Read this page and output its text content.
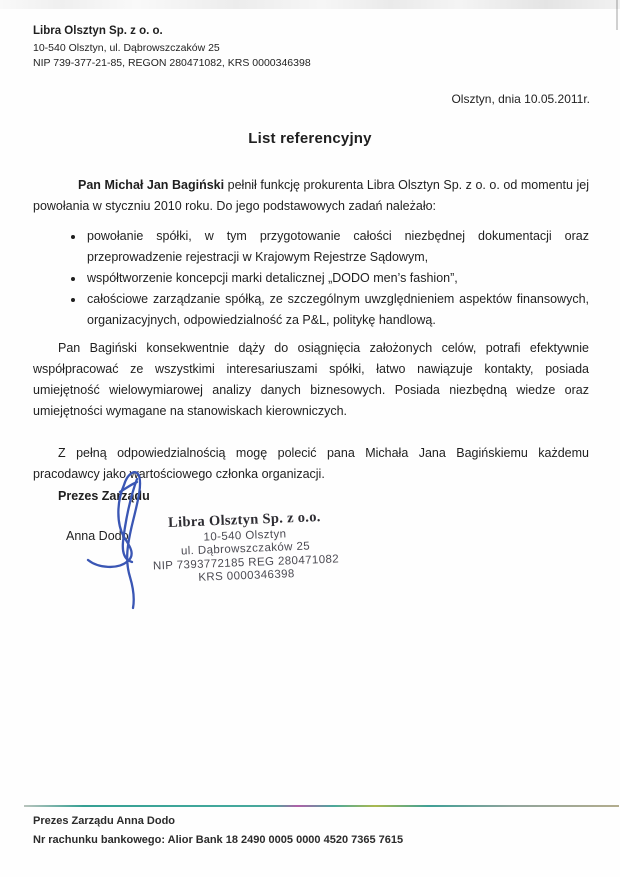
Libra Olsztyn Sp. z o. o.
10-540 Olsztyn, ul. Dąbrowszczaków 25
NIP 739-377-21-85, REGON 280471082, KRS 0000346398
Olsztyn, dnia 10.05.2011r.
List referencyjny

Pan Michał Jan Bagiński pełnił funkcję prokurenta Libra Olsztyn Sp. z o. o. od momentu jej powołania w styczniu 2010 roku. Do jego podstawowych zadań należało:

• powołanie spółki, w tym przygotowanie całości niezbędnej dokumentacji oraz przeprowadzenie rejestracji w Krajowym Rejestrze Sądowym,
• współtworzenie koncepcji marki detalicznej „DODO men’s fashion”,
• całościowe zarządzanie spółką, ze szczególnym uwzględnieniem aspektów finansowych, organizacyjnych, odpowiedzialność za P&L, politykę handlową.

Pan Bagiński konsekwentnie dąży do osiągnięcia założonych celów, potrafi efektywnie współpracować ze wszystkimi interesariuszami spółki, łatwo nawiązuje kontakty, posiada umiejętność wielowymiarowej analizy danych biznesowych. Posiada niezbędną wiedze oraz umiejętności wymagane na stanowiskach kierowniczych.

Z pełną odpowiedzialnością mogę polecić pana Michała Jana Bagińskiemu każdemu pracodawcy jako wartościowego członka organizacji.

Prezes Zarządu
Anna Dodo
Libra Olsztyn Sp. z o.o.
10-540 Olsztyn
ul. Dąbrowszczaków 25
NIP 7393772185 REG 280471082
KRS 0000346398
Prezes Zarządu Anna Dodo
Nr rachunku bankowego: Alior Bank 18 2490 0005 0000 4520 7365 7615
